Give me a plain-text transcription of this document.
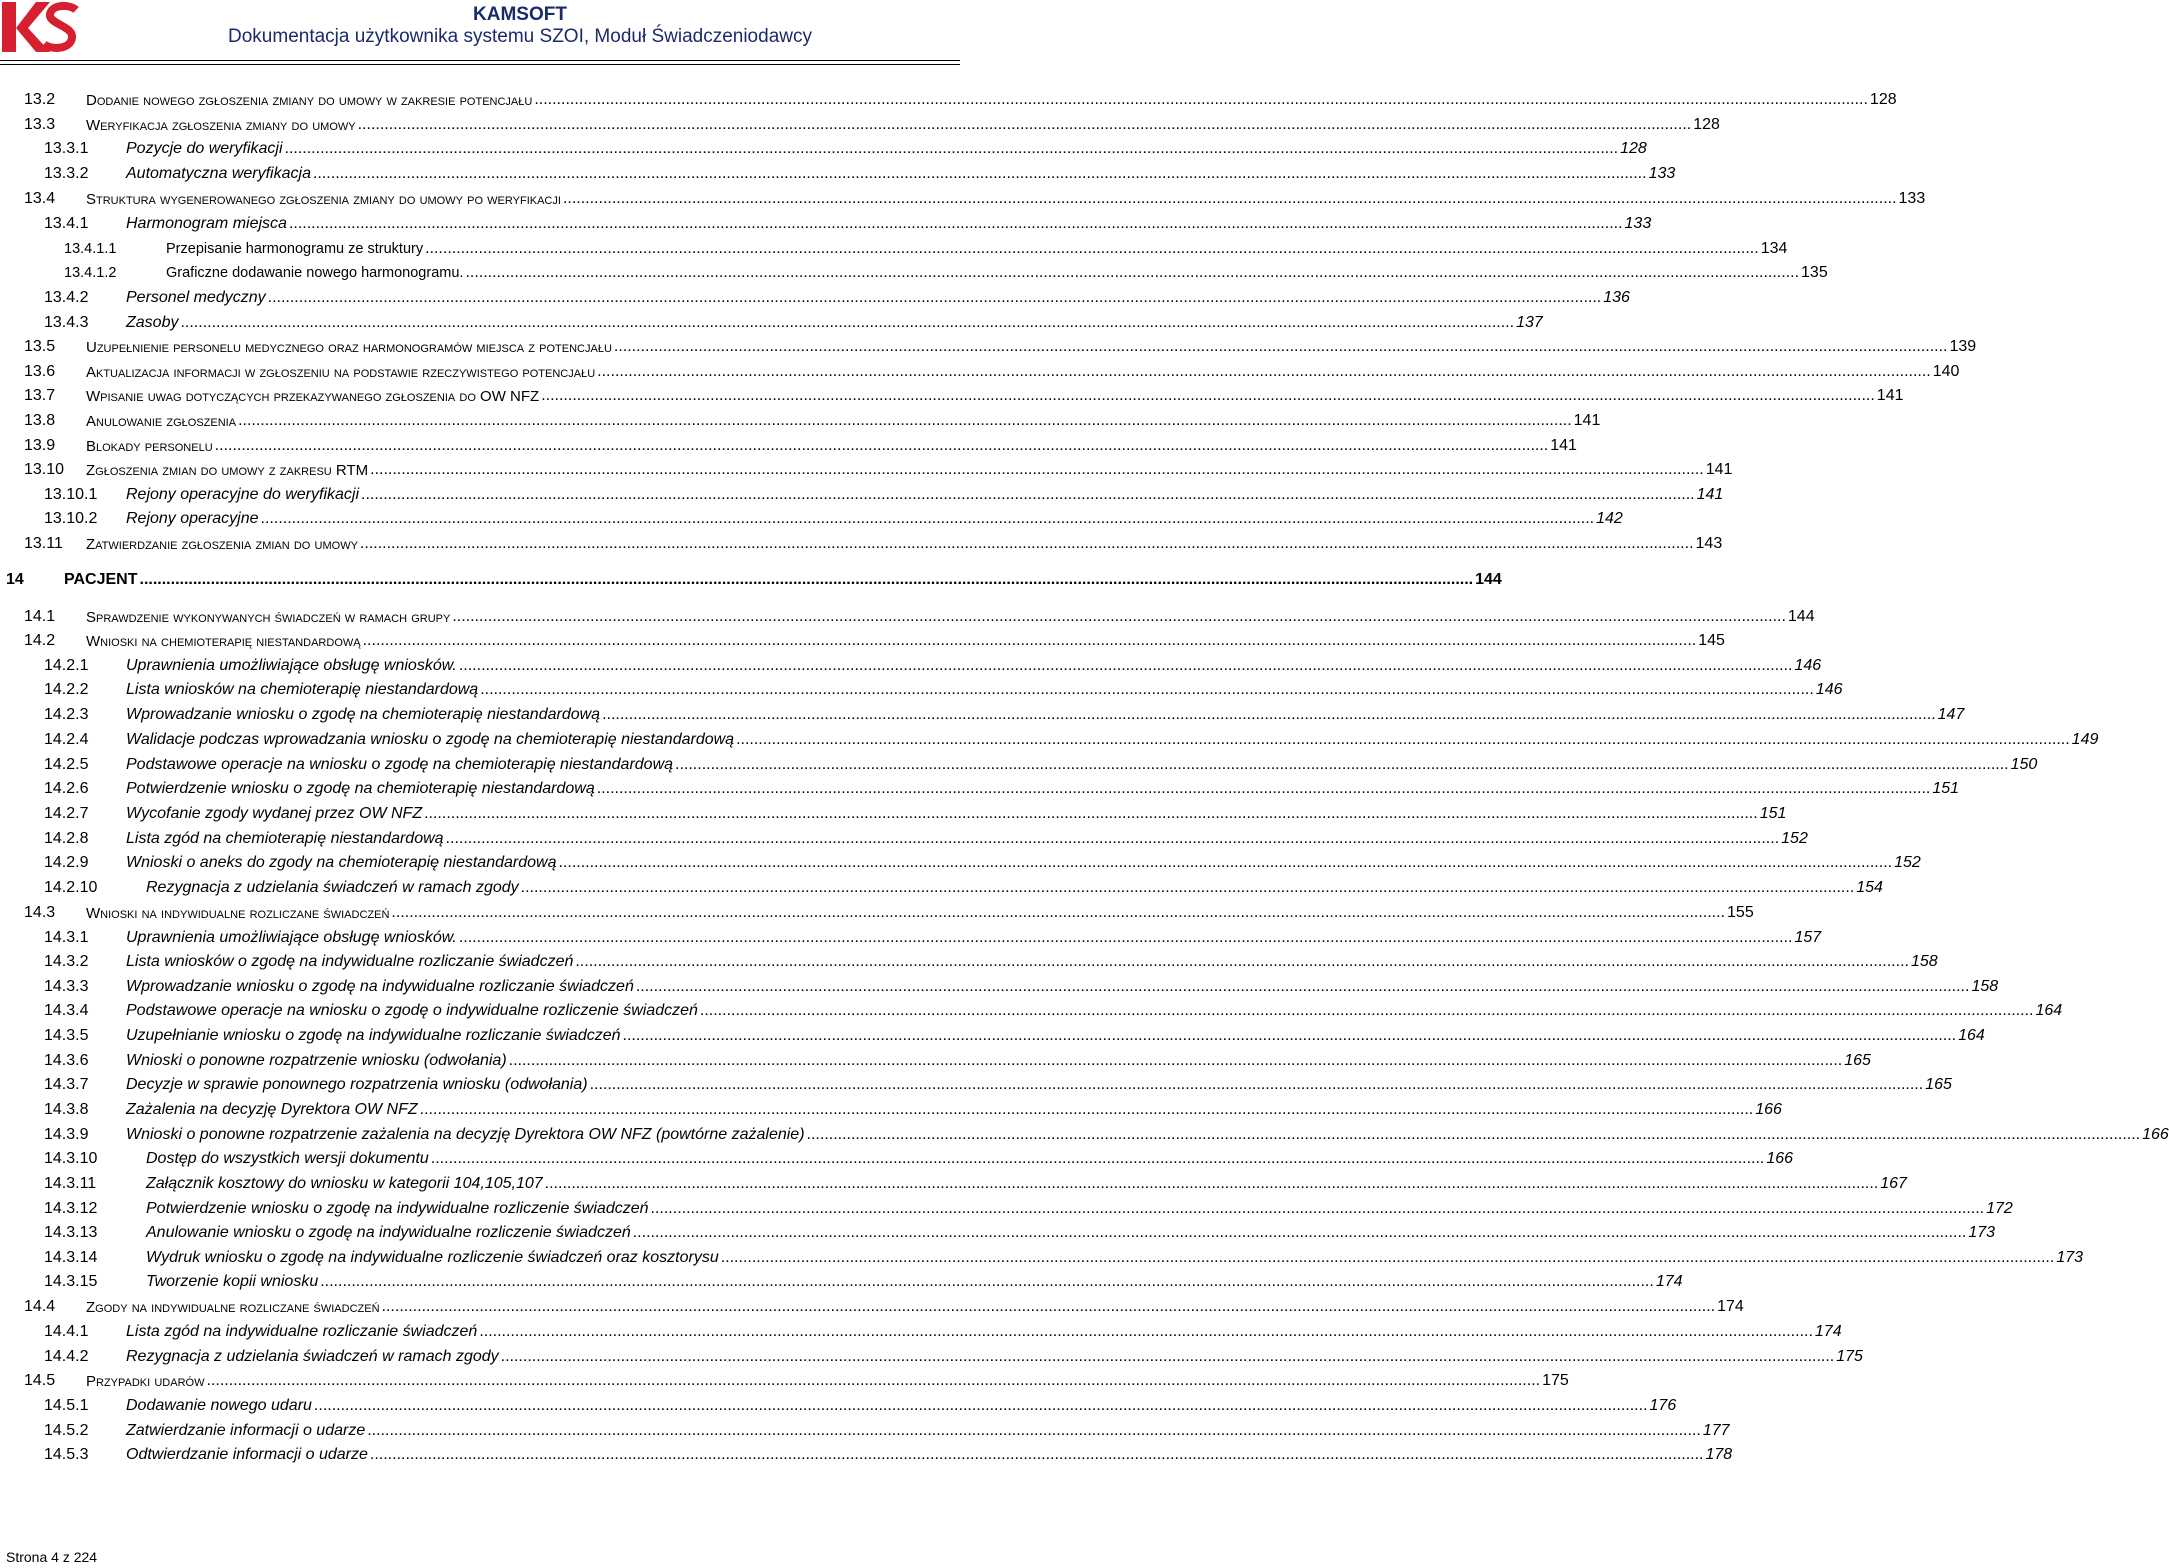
KAMSOFT
Dokumentacja użytkownika systemu SZOI, Moduł Świadczeniodawcy
13.2 Dodanie nowego zgłoszenia zmiany do umowy w zakresie potencjału ............................................................................................................................................................................................................................................................................................................ 128
13.3 Weryfikacja zgłoszenia zmiany do umowy ............................................................................................................................................................................................................................................................................................................ 128
13.3.1 Pozycje do weryfikacji ............................................................................................................................................................................................................................................................................................................ 128
13.3.2 Automatyczna weryfikacja ............................................................................................................................................................................................................................................................................................................ 133
13.4 Struktura wygenerowanego zgłoszenia zmiany do umowy po weryfikacji ............................................................................................................................................................................................................................................................................................................ 133
13.4.1 Harmonogram miejsca ............................................................................................................................................................................................................................................................................................................ 133
13.4.1.1	Przepisanie harmonogramu ze struktury ............................................................................................................................................................................................................................................................................................................ 134
13.4.1.2	Graficzne dodawanie nowego harmonogramu. ............................................................................................................................................................................................................................................................................................................ 135
13.4.2 Personel medyczny ............................................................................................................................................................................................................................................................................................................ 136
13.4.3 Zasoby ............................................................................................................................................................................................................................................................................................................ 137
13.5 Uzupełnienie personelu medycznego oraz harmonogramów miejsca z potencjału ............................................................................................................................................................................................................................................................................................................ 139
13.6 Aktualizacja informacji w zgłoszeniu na podstawie rzeczywistego potencjału ............................................................................................................................................................................................................................................................................................................ 140
13.7 Wpisanie uwag dotyczących przekazywanego zgłoszenia do OW NFZ ............................................................................................................................................................................................................................................................................................................ 141
13.8 Anulowanie zgłoszenia ............................................................................................................................................................................................................................................................................................................ 141
13.9 Blokady personelu ............................................................................................................................................................................................................................................................................................................ 141
13.10 Zgłoszenia zmian do umowy z zakresu RTM ............................................................................................................................................................................................................................................................................................................ 141
13.10.1 Rejony operacyjne do weryfikacji ............................................................................................................................................................................................................................................................................................................ 141
13.10.2 Rejony operacyjne ............................................................................................................................................................................................................................................................................................................ 142
13.11 Zatwierdzanie zgłoszenia zmian do umowy ............................................................................................................................................................................................................................................................................................................ 143
14	PACJENT ............................................................................................................................................................................................................................................................................................................ 144
14.1 Sprawdzenie wykonywanych świadczeń w ramach grupy ............................................................................................................................................................................................................................................................................................................ 144
14.2 Wnioski na chemioterapię niestandardową ............................................................................................................................................................................................................................................................................................................ 145
14.2.1 Uprawnienia umożliwiające obsługę wniosków. ............................................................................................................................................................................................................................................................................................................ 146
14.2.2 Lista wniosków na chemioterapię niestandardową ............................................................................................................................................................................................................................................................................................................ 146
14.2.3 Wprowadzanie wniosku o zgodę na chemioterapię niestandardową ............................................................................................................................................................................................................................................................................................................ 147
14.2.4 Walidacje podczas wprowadzania wniosku o zgodę na chemioterapię niestandardową ............................................................................................................................................................................................................................................................................................................ 149
14.2.5 Podstawowe operacje na wniosku o zgodę na chemioterapię niestandardową ............................................................................................................................................................................................................................................................................................................ 150
14.2.6 Potwierdzenie wniosku o zgodę na chemioterapię niestandardową ............................................................................................................................................................................................................................................................................................................ 151
14.2.7 Wycofanie zgody wydanej przez OW NFZ ............................................................................................................................................................................................................................................................................................................ 151
14.2.8 Lista zgód na chemioterapię niestandardową ............................................................................................................................................................................................................................................................................................................ 152
14.2.9 Wnioski o aneks do zgody na chemioterapię niestandardową ............................................................................................................................................................................................................................................................................................................ 152
14.2.10	Rezygnacja z udzielania świadczeń w ramach zgody ............................................................................................................................................................................................................................................................................................................ 154
14.3 Wnioski na indywidualne rozliczane świadczeń ............................................................................................................................................................................................................................................................................................................ 155
14.3.1 Uprawnienia umożliwiające obsługę wniosków. ............................................................................................................................................................................................................................................................................................................ 157
14.3.2 Lista wniosków o zgodę na indywidualne rozliczanie świadczeń ............................................................................................................................................................................................................................................................................................................ 158
14.3.3 Wprowadzanie wniosku o zgodę na indywidualne rozliczanie świadczeń ............................................................................................................................................................................................................................................................................................................ 158
14.3.4 Podstawowe operacje na wniosku o zgodę o indywidualne rozliczenie świadczeń ............................................................................................................................................................................................................................................................................................................ 164
14.3.5 Uzupełnianie wniosku o zgodę na indywidualne rozliczanie świadczeń ............................................................................................................................................................................................................................................................................................................ 164
14.3.6 Wnioski o ponowne rozpatrzenie wniosku (odwołania) ............................................................................................................................................................................................................................................................................................................ 165
14.3.7 Decyzje w sprawie ponownego rozpatrzenia wniosku (odwołania) ............................................................................................................................................................................................................................................................................................................ 165
14.3.8 Zażalenia na decyzję Dyrektora OW NFZ ............................................................................................................................................................................................................................................................................................................ 166
14.3.9 Wnioski o ponowne rozpatrzenie zażalenia na decyzję Dyrektora OW NFZ (powtórne zażalenie) ............................................................................................................................................................................................................................................................................................................ 166
14.3.10	Dostęp do wszystkich wersji dokumentu ............................................................................................................................................................................................................................................................................................................ 166
14.3.11	Załącznik kosztowy do wniosku w kategorii 104,105,107 ............................................................................................................................................................................................................................................................................................................ 167
14.3.12	Potwierdzenie wniosku o zgodę na indywidualne rozliczenie świadczeń ............................................................................................................................................................................................................................................................................................................ 172
14.3.13	Anulowanie wniosku o zgodę na indywidualne rozliczenie świadczeń ............................................................................................................................................................................................................................................................................................................ 173
14.3.14	Wydruk wniosku o zgodę na indywidualne rozliczenie świadczeń oraz kosztorysu ............................................................................................................................................................................................................................................................................................................ 173
14.3.15	Tworzenie kopii wniosku ............................................................................................................................................................................................................................................................................................................ 174
14.4 Zgody na indywidualne rozliczane świadczeń ............................................................................................................................................................................................................................................................................................................ 174
14.4.1 Lista zgód na indywidualne rozliczanie świadczeń ............................................................................................................................................................................................................................................................................................................ 174
14.4.2 Rezygnacja z udzielania świadczeń w ramach zgody ............................................................................................................................................................................................................................................................................................................ 175
14.5 Przypadki udarów ............................................................................................................................................................................................................................................................................................................ 175
14.5.1 Dodawanie nowego udaru ............................................................................................................................................................................................................................................................................................................ 176
14.5.2 Zatwierdzanie informacji o udarze ............................................................................................................................................................................................................................................................................................................ 177
14.5.3 Odtwierdzanie informacji o udarze ............................................................................................................................................................................................................................................................................................................ 178
Strona 4 z 224
